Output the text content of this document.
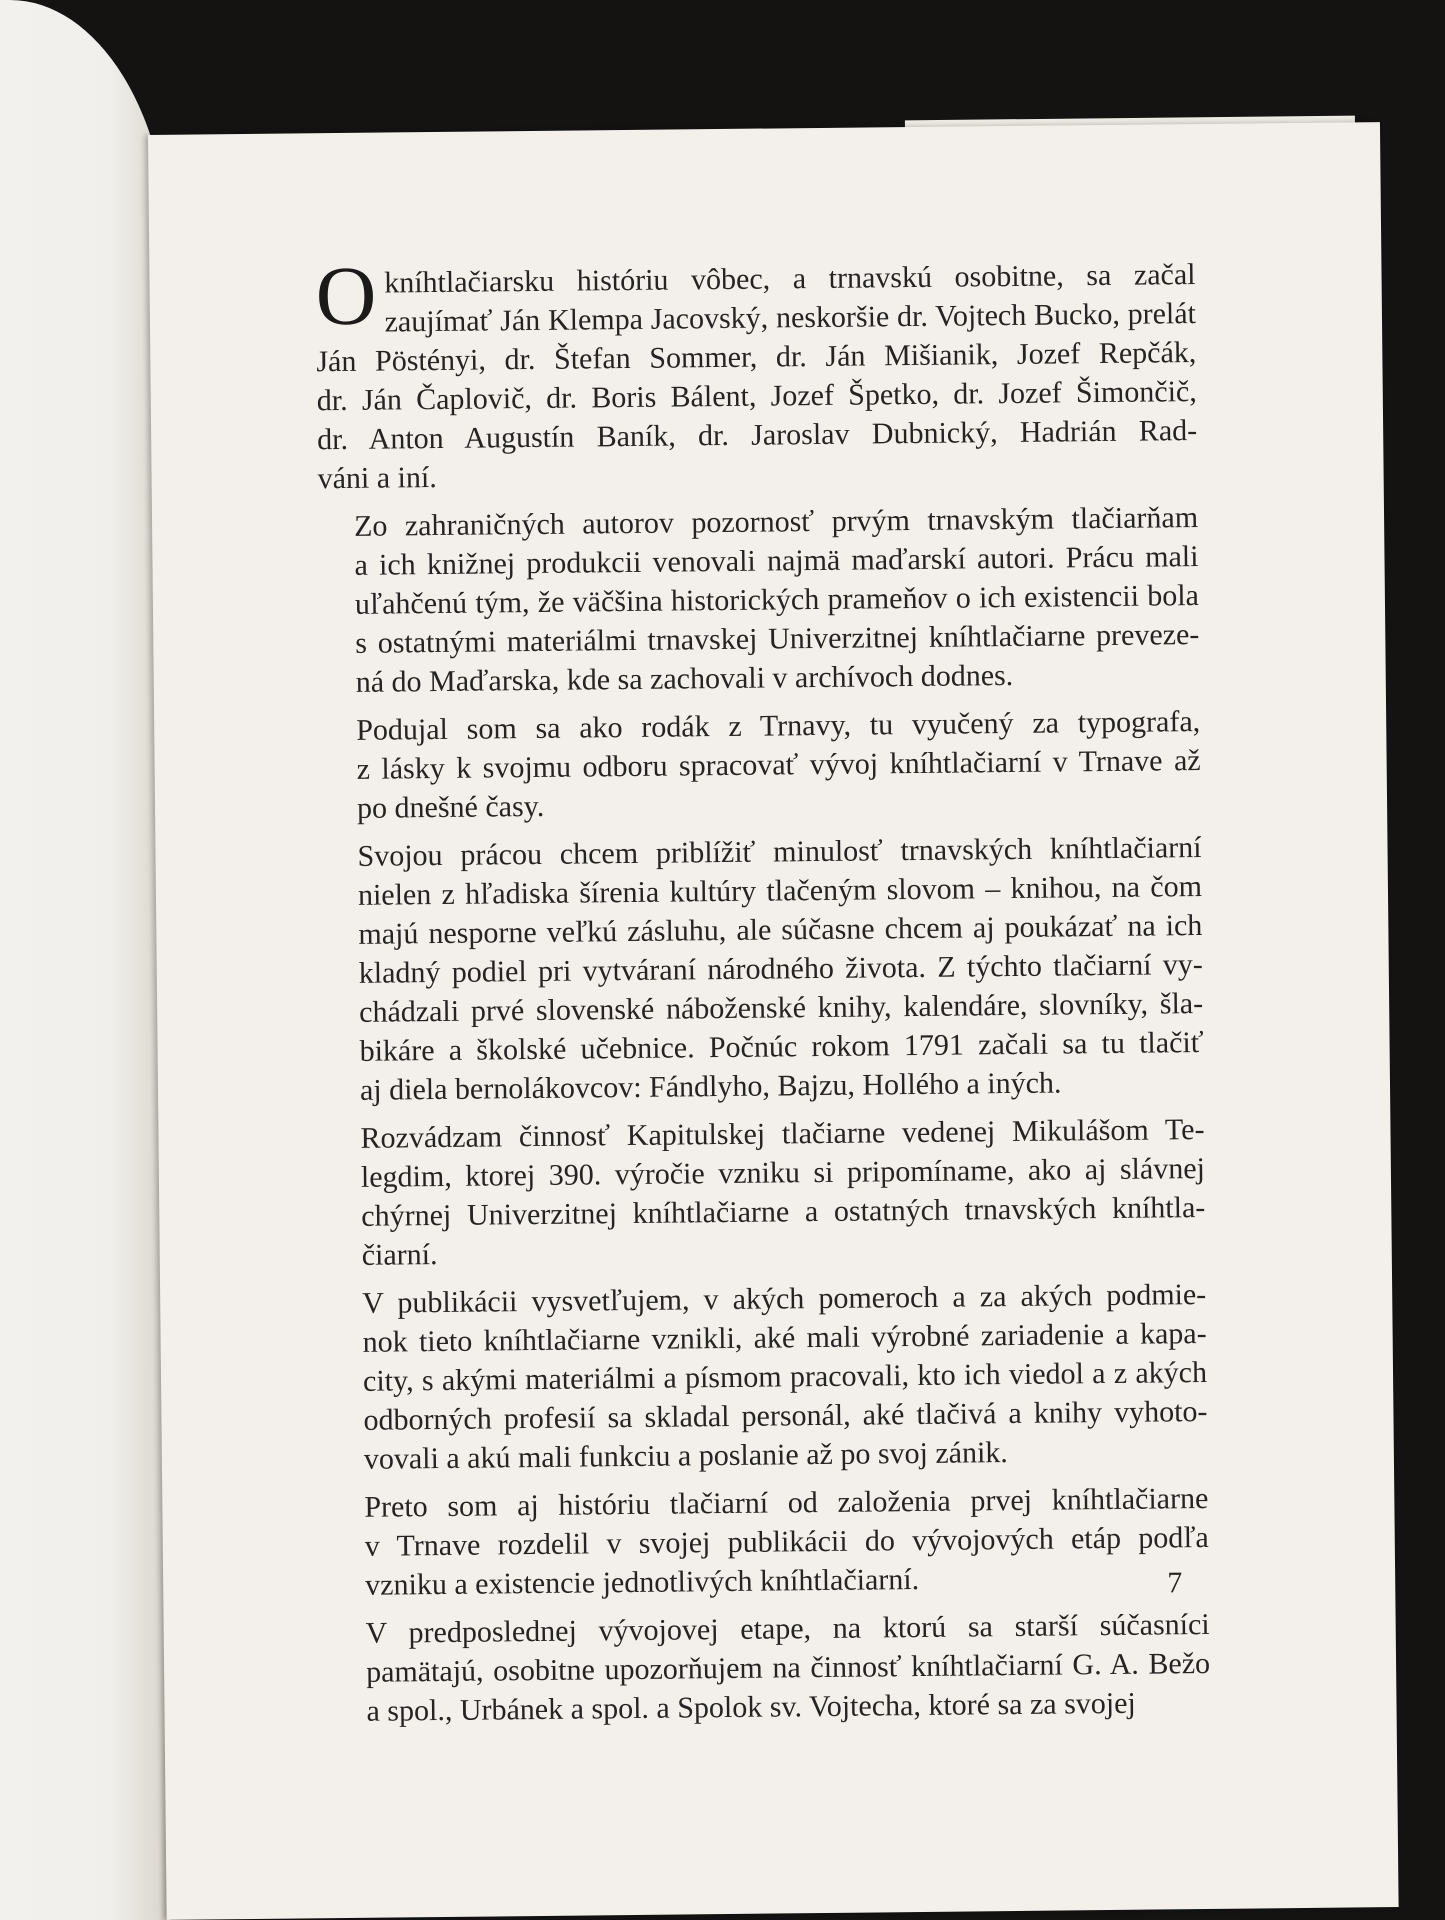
O kníhtlačiarsku históriu vôbec, a trnavskú osobitne, sa začal
zaujímať Ján Klempa Jacovský, neskoršie dr. Vojtech Bucko, prelát
Ján Pöstényi, dr. Štefan Sommer, dr. Ján Mišianik, Jozef Repčák,
dr. Ján Čaplovič, dr. Boris Bálent, Jozef Špetko, dr. Jozef Šimončič,
dr. Anton Augustín Baník, dr. Jaroslav Dubnický, Hadrián Rad-
váni a iní.
Zo zahraničných autorov pozornosť prvým trnavským tlačiarňam
a ich knižnej produkcii venovali najmä maďarskí autori. Prácu mali
uľahčenú tým, že väčšina historických prameňov o ich existencii bola
s ostatnými materiálmi trnavskej Univerzitnej kníhtlačiarne preveze-
ná do Maďarska, kde sa zachovali v archívoch dodnes.
Podujal som sa ako rodák z Trnavy, tu vyučený za typografa,
z lásky k svojmu odboru spracovať vývoj kníhtlačiarní v Trnave až
po dnešné časy.
Svojou prácou chcem priblížiť minulosť trnavských kníhtlačiarní
nielen z hľadiska šírenia kultúry tlačeným slovom – knihou, na čom
majú nesporne veľkú zásluhu, ale súčasne chcem aj poukázať na ich
kladný podiel pri vytváraní národného života. Z týchto tlačiarní vy-
chádzali prvé slovenské náboženské knihy, kalendáre, slovníky, šla-
bikáre a školské učebnice. Počnúc rokom 1791 začali sa tu tlačiť
aj diela bernolákovcov: Fándlyho, Bajzu, Hollého a iných.
Rozvádzam činnosť Kapitulskej tlačiarne vedenej Mikulášom Te-
legdim, ktorej 390. výročie vzniku si pripomíname, ako aj slávnej
chýrnej Univerzitnej kníhtlačiarne a ostatných trnavských kníhtla-
čiarní.
V publikácii vysvetľujem, v akých pomeroch a za akých podmie-
nok tieto kníhtlačiarne vznikli, aké mali výrobné zariadenie a kapa-
city, s akými materiálmi a písmom pracovali, kto ich viedol a z akých
odborných profesií sa skladal personál, aké tlačivá a knihy vyhoto-
vovali a akú mali funkciu a poslanie až po svoj zánik.
Preto som aj históriu tlačiarní od založenia prvej kníhtlačiarne
v Trnave rozdelil v svojej publikácii do vývojových etáp podľa
vzniku a existencie jednotlivých kníhtlačiarní.
V predposlednej vývojovej etape, na ktorú sa starší súčasníci
pamätajú, osobitne upozorňujem na činnosť kníhtlačiarní G. A. Bežo
a spol., Urbánek a spol. a Spolok sv. Vojtecha, ktoré sa za svojej
7
